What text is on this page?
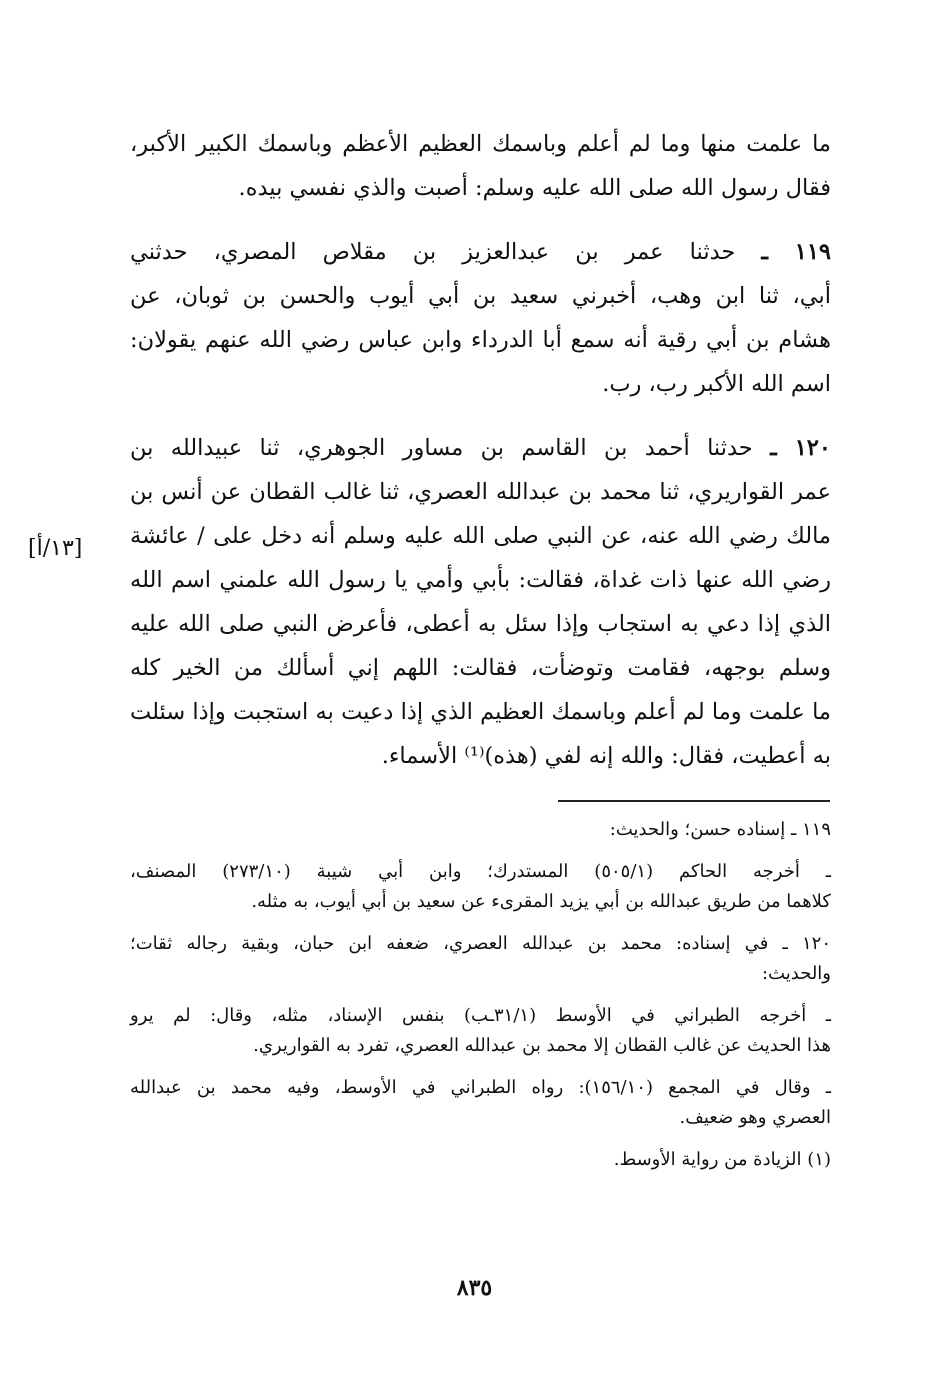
ما علمت منها وما لم أعلم وباسمك العظيم الأعظم وباسمك الكبير الأكبر،
فقال رسول الله صلى الله عليه وسلم: أصبت والذي نفسي بيده.
١١٩ ـ حدثنا عمر بن عبدالعزيز بن مقلاص المصري، حدثني
أبي، ثنا ابن وهب، أخبرني سعيد بن أبي أيوب والحسن بن ثوبان، عن
هشام بن أبي رقية أنه سمع أبا الدرداء وابن عباس رضي الله عنهم يقولان:
اسم الله الأكبر رب، رب.
١٢٠ ـ حدثنا أحمد بن القاسم بن مساور الجوهري، ثنا عبيدالله بن
عمر القواريري، ثنا محمد بن عبدالله العصري، ثنا غالب القطان عن أنس بن
مالك رضي الله عنه، عن النبي صلى الله عليه وسلم أنه دخل على / عائشة
رضي الله عنها ذات غداة، فقالت: بأبي وأمي يا رسول الله علمني اسم الله
الذي إذا دعي به استجاب وإذا سئل به أعطى، فأعرض النبي صلى الله عليه
وسلم بوجهه، فقامت وتوضأت، فقالت: اللهم إني أسألك من الخير كله
ما علمت وما لم أعلم وباسمك العظيم الذي إذا دعيت به استجبت وإذا سئلت
به أعطيت، فقال: والله إنه لفي (هذه)⁽¹⁾ الأسماء.
[١٣/أ]
١١٩ ـ إسناده حسن؛ والحديث:
ـ أخرجه الحاكم (٥٠٥/١) المستدرك؛ وابن أبي شيبة (٢٧٣/١٠) المصنف،
كلاهما من طريق عبدالله بن أبي يزيد المقرىء عن سعيد بن أبي أيوب، به مثله.
١٢٠ ـ في إسناده: محمد بن عبدالله العصري، ضعفه ابن حبان، وبقية رجاله ثقات؛
والحديث:
ـ أخرجه الطبراني في الأوسط (٣١/١ـب) بنفس الإسناد، مثله، وقال: لم يرو
هذا الحديث عن غالب القطان إلا محمد بن عبدالله العصري، تفرد به القواريري.
ـ وقال في المجمع (١٥٦/١٠): رواه الطبراني في الأوسط، وفيه محمد بن عبدالله
العصري وهو ضعيف.
(١) الزيادة من رواية الأوسط.
٨٣٥
